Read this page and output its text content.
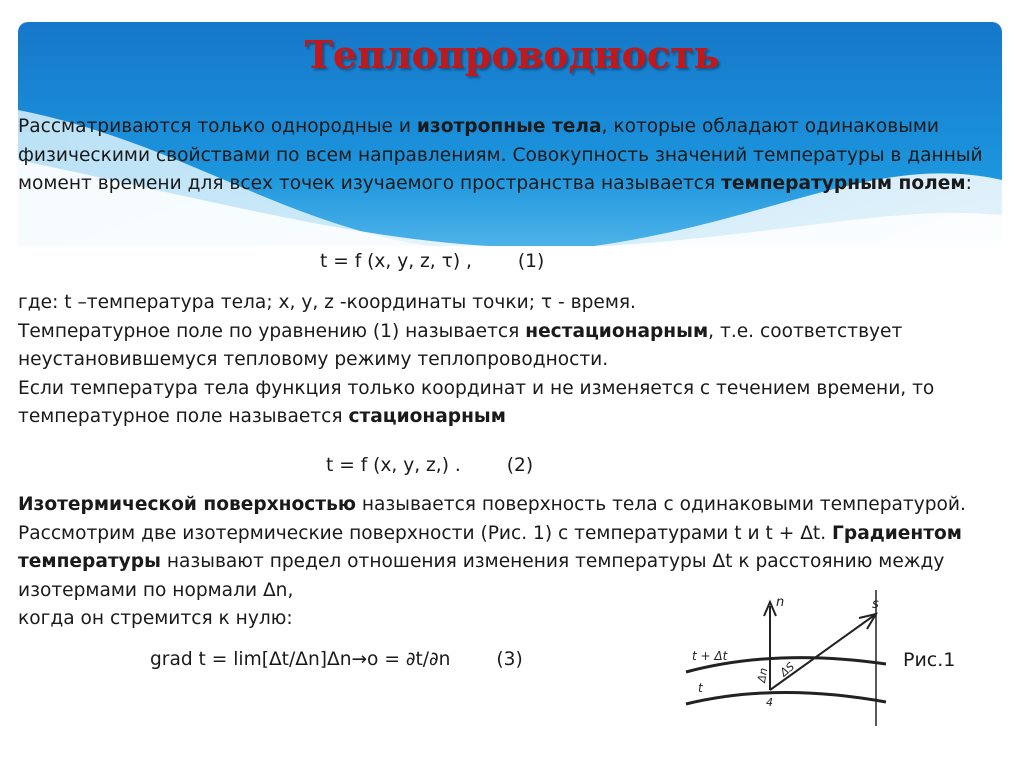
Теплопроводность

Рассматриваются только однородные и изотропные тела, которые обладают одинаковыми физическими свойствами по всем направлениям. Совокупность значений температуры в данный момент времени для всех точек изучаемого пространства называется температурным полем:

t = f (x, y, z, τ) , (1)

где: t –температура тела; x, y, z -координаты точки; τ - время.
Температурное поле по уравнению (1) называется нестационарным, т.е. соответствует неустановившемуся тепловому режиму теплопроводности.
Если температура тела функция только координат и не изменяется с течением времени, то температурное поле называется стационарным

t = f (x, y, z,) . (2)

Изотермической поверхностью называется поверхность тела с одинаковыми температурой. Рассмотрим две изотермические поверхности (Рис. 1) с температурами t и t + Δt. Градиентом температуры называют предел отношения изменения температуры Δt к расстоянию между изотермами по нормали Δn,
когда он стремится к нулю:

grad t = lim[Δt/Δn]Δn→o = ∂t/∂n (3)	t + Δt
t
n	s
Δn ΔS
4
Рис.1
